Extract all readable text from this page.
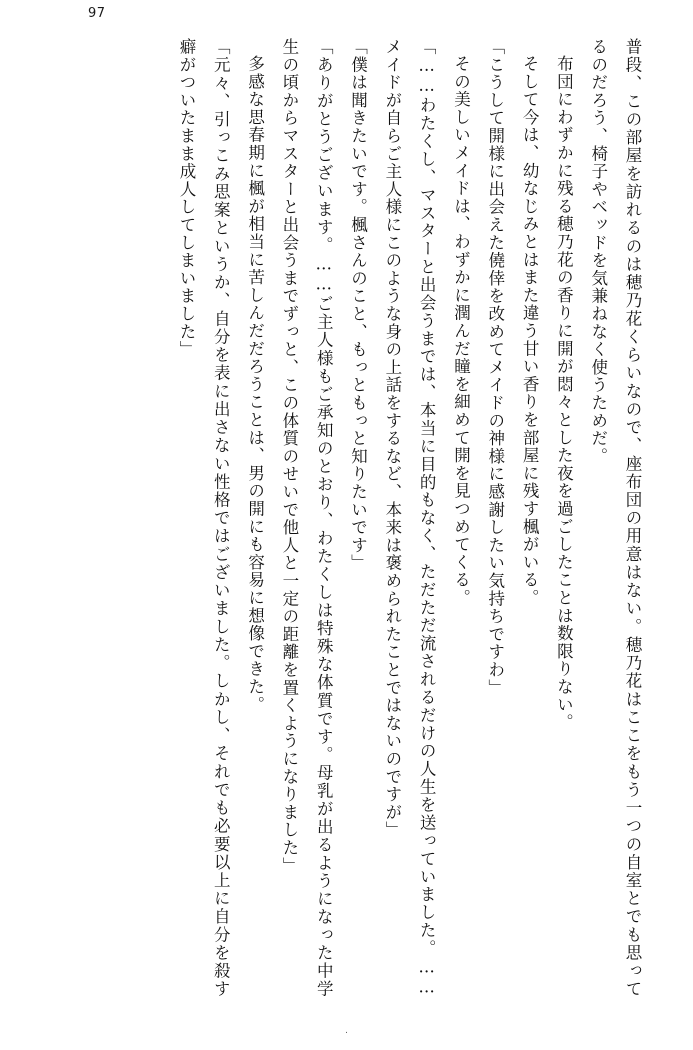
97

普段、この部屋を訪れるのは穂乃花くらいなので、座布団の用意はない。穂乃花はここをもう一つの自室とでも思ってるのだろう、椅子やベッドを気兼ねなく使うためだ。

布団にわずかに残る穂乃花の香りに開が悶々とした夜を過ごしたことは数限りない。

そして今は、幼なじみとはまた違う甘い香りを部屋に残す楓がいる。

「こうして開様に出会えた僥倖を改めてメイドの神様に感謝したい気持ちですわ」

その美しいメイドは、わずかに潤んだ瞳を細めて開を見つめてくる。

「……わたくし、マスターと出会うまでは、本当に目的もなく、ただただ流されるだけの人生を送っていました。……メイドが自らご主人様にこのような身の上話をするなど、本来は褒められたことではないのですが」

「僕は聞きたいです。楓さんのこと、もっともっと知りたいです」

「ありがとうございます。……ご主人様もご承知のとおり、わたくしは特殊な体質です。母乳が出るようになった中学生の頃からマスターと出会うまでずっと、この体質のせいで他人と一定の距離を置くようになりました」

多感な思春期に楓が相当に苦しんだだろうことは、男の開にも容易に想像できた。

「元々、引っこみ思案というか、自分を表に出さない性格ではございました。しかし、それでも必要以上に自分を殺す癖がついたまま成人してしまいました」

.
